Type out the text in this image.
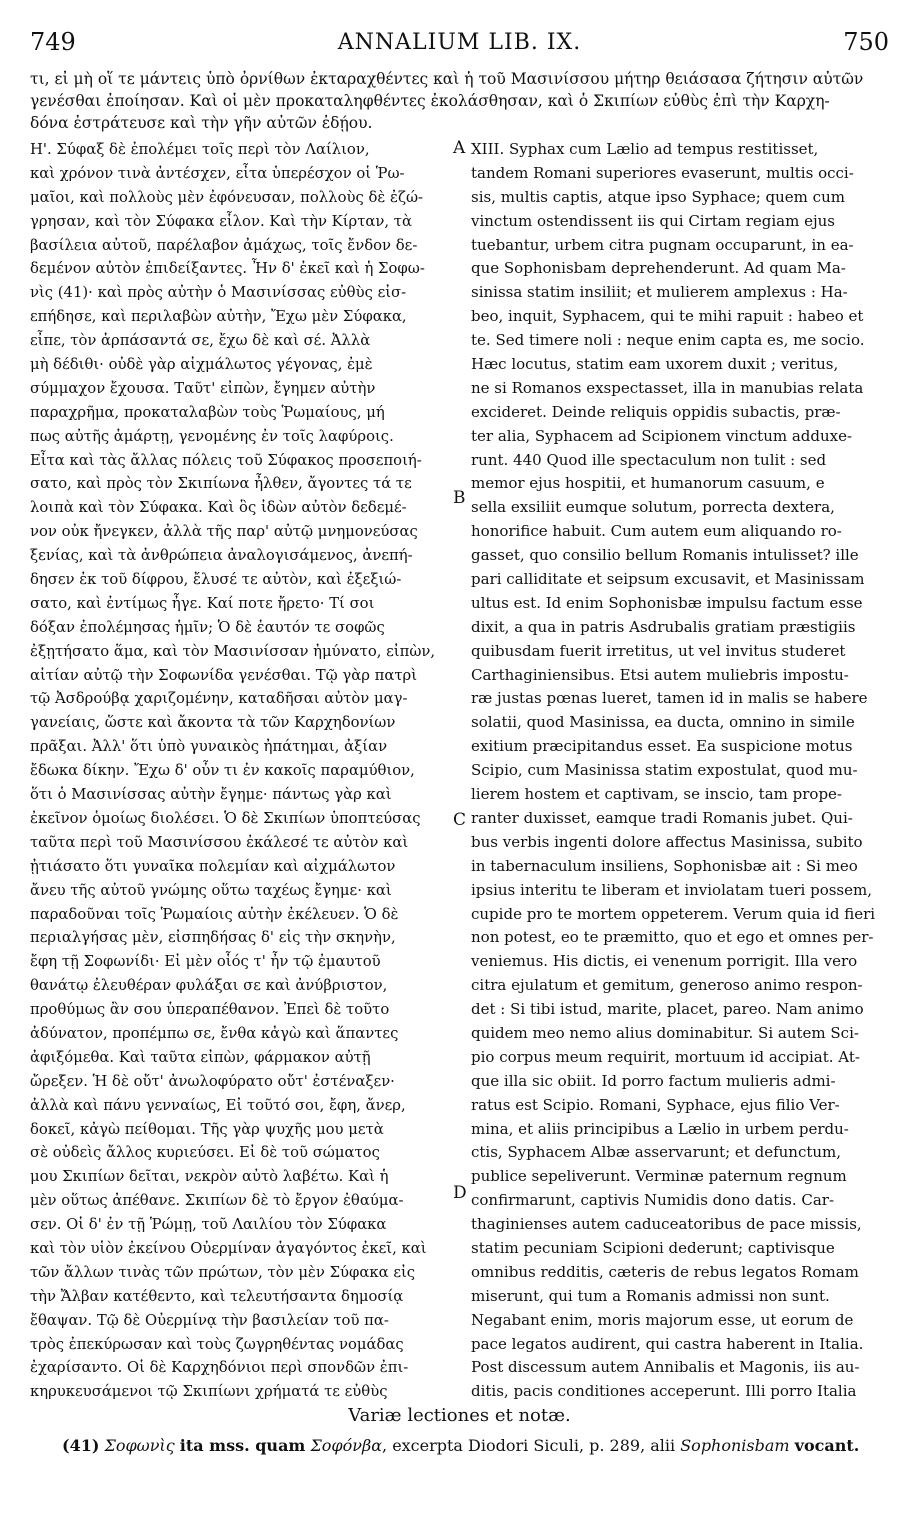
749	ANNALIUM LIB. IX.	750
τι, εἰ μὴ οἵ τε μάντεις ὑπὸ ὀρνίθων ἐκταραχθέντες καὶ ἡ τοῦ Μασινίσσου μήτηρ θειάσασα ζήτησιν αὐτῶν
γενέσθαι ἐποίησαν. Καὶ οἱ μὲν προκαταληφθέντες ἐκολάσθησαν, καὶ ὁ Σκιπίων εὐθὺς ἐπὶ τὴν Καρχη-
δόνα ἐστράτευσε καὶ τὴν γῆν αὐτῶν ἐδῄου.
Η'. Σύφαξ δὲ ἐπολέμει τοῖς περὶ τὸν Λαίλιον,
καὶ χρόνον τινὰ ἀντέσχεν, εἶτα ὑπερέσχον οἱ Ῥω-
μαῖοι, καὶ πολλοὺς μὲν ἐφόνευσαν, πολλοὺς δὲ ἐζώ-
γρησαν, καὶ τὸν Σύφακα εἷλον. Καὶ τὴν Κίρταν, τὰ
βασίλεια αὐτοῦ, παρέλαβον ἀμάχως, τοῖς ἔνδον δε-
δεμένον αὐτὸν ἐπιδείξαντες. Ἦν δ' ἐκεῖ καὶ ἡ Σοφω-
νὶς (41)· καὶ πρὸς αὐτὴν ὁ Μασινίσσας εὐθὺς εἰσ-
επήδησε, καὶ περιλαβὼν αὐτὴν, Ἔχω μὲν Σύφακα,
εἶπε, τὸν ἁρπάσαντά σε, ἔχω δὲ καὶ σέ. Ἀλλὰ
μὴ δέδιθι· οὐδὲ γὰρ αἰχμάλωτος γέγονας, ἐμὲ
σύμμαχον ἔχουσα. Ταῦτ' εἰπὼν, ἔγημεν αὐτὴν
παραχρῆμα, προκαταλαβὼν τοὺς Ῥωμαίους, μή
πως αὐτῆς ἁμάρτῃ, γενομένης ἐν τοῖς λαφύροις.
Εἶτα καὶ τὰς ἄλλας πόλεις τοῦ Σύφακος προσεποιή-
σατο, καὶ πρὸς τὸν Σκιπίωνα ἦλθεν, ἄγοντες τά τε
λοιπὰ καὶ τὸν Σύφακα. Καὶ ὃς ἰδὼν αὐτὸν δεδεμέ-
νον οὐκ ἤνεγκεν, ἀλλὰ τῆς παρ' αὐτῷ μνημονεύσας
ξενίας, καὶ τὰ ἀνθρώπεια ἀναλογισάμενος, ἀνεπή-
δησεν ἐκ τοῦ δίφρου, ἔλυσέ τε αὐτὸν, καὶ ἐξεξιώ-
σατο, καὶ ἐντίμως ἦγε. Καί ποτε ἤρετο· Τί σοι
δόξαν ἐπολέμησας ἡμῖν; Ὁ δὲ ἑαυτόν τε σοφῶς
ἐξῃτήσατο ἅμα, καὶ τὸν Μασινίσσαν ἠμύνατο, εἰπὼν,
αἰτίαν αὐτῷ τὴν Σοφωνίδα γενέσθαι. Τῷ γὰρ πατρὶ
τῷ Ἀσδρούβᾳ χαριζομένην, καταδῆσαι αὐτὸν μαγ-
γανείαις, ὥστε καὶ ἄκοντα τὰ τῶν Καρχηδονίων
πρᾶξαι. Ἀλλ' ὅτι ὑπὸ γυναικὸς ἠπάτημαι, ἀξίαν
ἔδωκα δίκην. Ἔχω δ' οὖν τι ἐν κακοῖς παραμύθιον,
ὅτι ὁ Μασινίσσας αὐτὴν ἔγημε· πάντως γὰρ καὶ
ἐκεῖνον ὁμοίως διολέσει. Ὁ δὲ Σκιπίων ὑποπτεύσας
ταῦτα περὶ τοῦ Μασινίσσου ἐκάλεσέ τε αὐτὸν καὶ
ᾐτιάσατο ὅτι γυναῖκα πολεμίαν καὶ αἰχμάλωτον
ἄνευ τῆς αὐτοῦ γνώμης οὕτω ταχέως ἔγημε· καὶ
παραδοῦναι τοῖς Ῥωμαίοις αὐτὴν ἐκέλευεν. Ὁ δὲ
περιαλγήσας μὲν, εἰσπηδήσας δ' εἰς τὴν σκηνὴν,
ἔφη τῇ Σοφωνίδι· Εἰ μὲν οἷός τ' ἦν τῷ ἐμαυτοῦ
θανάτῳ ἐλευθέραν φυλάξαι σε καὶ ἀνύβριστον,
προθύμως ἂν σου ὑπεραπέθανον. Ἐπεὶ δὲ τοῦτο
ἀδύνατον, προπέμπω σε, ἔνθα κἀγὼ καὶ ἅπαντες
ἀφιξόμεθα. Καὶ ταῦτα εἰπὼν, φάρμακον αὐτῇ
ὤρεξεν. Ἡ δὲ οὔτ' ἀνωλοφύρατο οὔτ' ἐστέναξεν·
ἀλλὰ καὶ πάνυ γενναίως, Εἰ τοῦτό σοι, ἔφη, ἄνερ,
δοκεῖ, κἀγὼ πείθομαι. Τῆς γὰρ ψυχῆς μου μετὰ
σὲ οὐδεὶς ἄλλος κυριεύσει. Εἰ δὲ τοῦ σώματος
μου Σκιπίων δεῖται, νεκρὸν αὐτὸ λαβέτω. Καὶ ἡ
μὲν οὕτως ἀπέθανε. Σκιπίων δὲ τὸ ἔργον ἐθαύμα-
σεν. Οἱ δ' ἐν τῇ Ῥώμῃ, τοῦ Λαιλίου τὸν Σύφακα
καὶ τὸν υἱὸν ἐκείνου Οὐερμίναν ἀγαγόντος ἐκεῖ, καὶ
τῶν ἄλλων τινὰς τῶν πρώτων, τὸν μὲν Σύφακα εἰς
τὴν Ἄλβαν κατέθεντο, καὶ τελευτήσαντα δημοσίᾳ
ἔθαψαν. Τῷ δὲ Οὐερμίνᾳ τὴν βασιλείαν τοῦ πα-
τρὸς ἐπεκύρωσαν καὶ τοὺς ζωγρηθέντας νομάδας
ἐχαρίσαντο. Οἱ δὲ Καρχηδόνιοι περὶ σπονδῶν ἐπι-
κηρυκευσάμενοι τῷ Σκιπίωνι χρήματά τε εὐθὺς
A
B
C
D
XIII. Syphax cum Lælio ad tempus restitisset,
tandem Romani superiores evaserunt, multis occi-
sis, multis captis, atque ipso Syphace; quem cum
vinctum ostendissent iis qui Cirtam regiam ejus
tuebantur, urbem citra pugnam occuparunt, in ea-
que Sophonisbam deprehenderunt. Ad quam Ma-
sinissa statim insiliit; et mulierem amplexus : Ha-
beo, inquit, Syphacem, qui te mihi rapuit : habeo et
te. Sed timere noli : neque enim capta es, me socio.
Hæc locutus, statim eam uxorem duxit ; veritus,
ne si Romanos exspectasset, illa in manubias relata
excideret. Deinde reliquis oppidis subactis, præ-
ter alia, Syphacem ad Scipionem vinctum adduxe-
runt. 440 Quod ille spectaculum non tulit : sed
memor ejus hospitii, et humanorum casuum, e
sella exsiliit eumque solutum, porrecta dextera,
honorifice habuit. Cum autem eum aliquando ro-
gasset, quo consilio bellum Romanis intulisset? ille
pari calliditate et seipsum excusavit, et Masinissam
ultus est. Id enim Sophonisbæ impulsu factum esse
dixit, a qua in patris Asdrubalis gratiam præstigiis
quibusdam fuerit irretitus, ut vel invitus studeret
Carthaginiensibus. Etsi autem muliebris impostu-
ræ justas pœnas lueret, tamen id in malis se habere
solatii, quod Masinissa, ea ducta, omnino in simile
exitium præcipitandus esset. Ea suspicione motus
Scipio, cum Masinissa statim expostulat, quod mu-
lierem hostem et captivam, se inscio, tam prope-
ranter duxisset, eamque tradi Romanis jubet. Qui-
bus verbis ingenti dolore affectus Masinissa, subito
in tabernaculum insiliens, Sophonisbæ ait : Si meo
ipsius interitu te liberam et inviolatam tueri possem,
cupide pro te mortem oppeterem. Verum quia id fieri
non potest, eo te præmitto, quo et ego et omnes per-
veniemus. His dictis, ei venenum porrigit. Illa vero
citra ejulatum et gemitum, generoso animo respon-
det : Si tibi istud, marite, placet, pareo. Nam animo
quidem meo nemo alius dominabitur. Si autem Sci-
pio corpus meum requirit, mortuum id accipiat. At-
que illa sic obiit. Id porro factum mulieris admi-
ratus est Scipio. Romani, Syphace, ejus filio Ver-
mina, et aliis principibus a Lælio in urbem perdu-
ctis, Syphacem Albæ asservarunt; et defunctum,
publice sepeliverunt. Verminæ paternum regnum
confirmarunt, captivis Numidis dono datis. Car-
thaginienses autem caduceatoribus de pace missis,
statim pecuniam Scipioni dederunt; captivisque
omnibus redditis, cæteris de rebus legatos Romam
miserunt, qui tum a Romanis admissi non sunt.
Negabant enim, moris majorum esse, ut eorum de
pace legatos audirent, qui castra haberent in Italia.
Post discessum autem Annibalis et Magonis, iis au-
ditis, pacis conditiones acceperunt. Illi porro Italia
Variæ lectiones et notæ.
(41) Σοφωνὶς ita mss. quam Σοφόνβα, excerpta Diodori Siculi, p. 289, alii Sophonisbam vocant.
